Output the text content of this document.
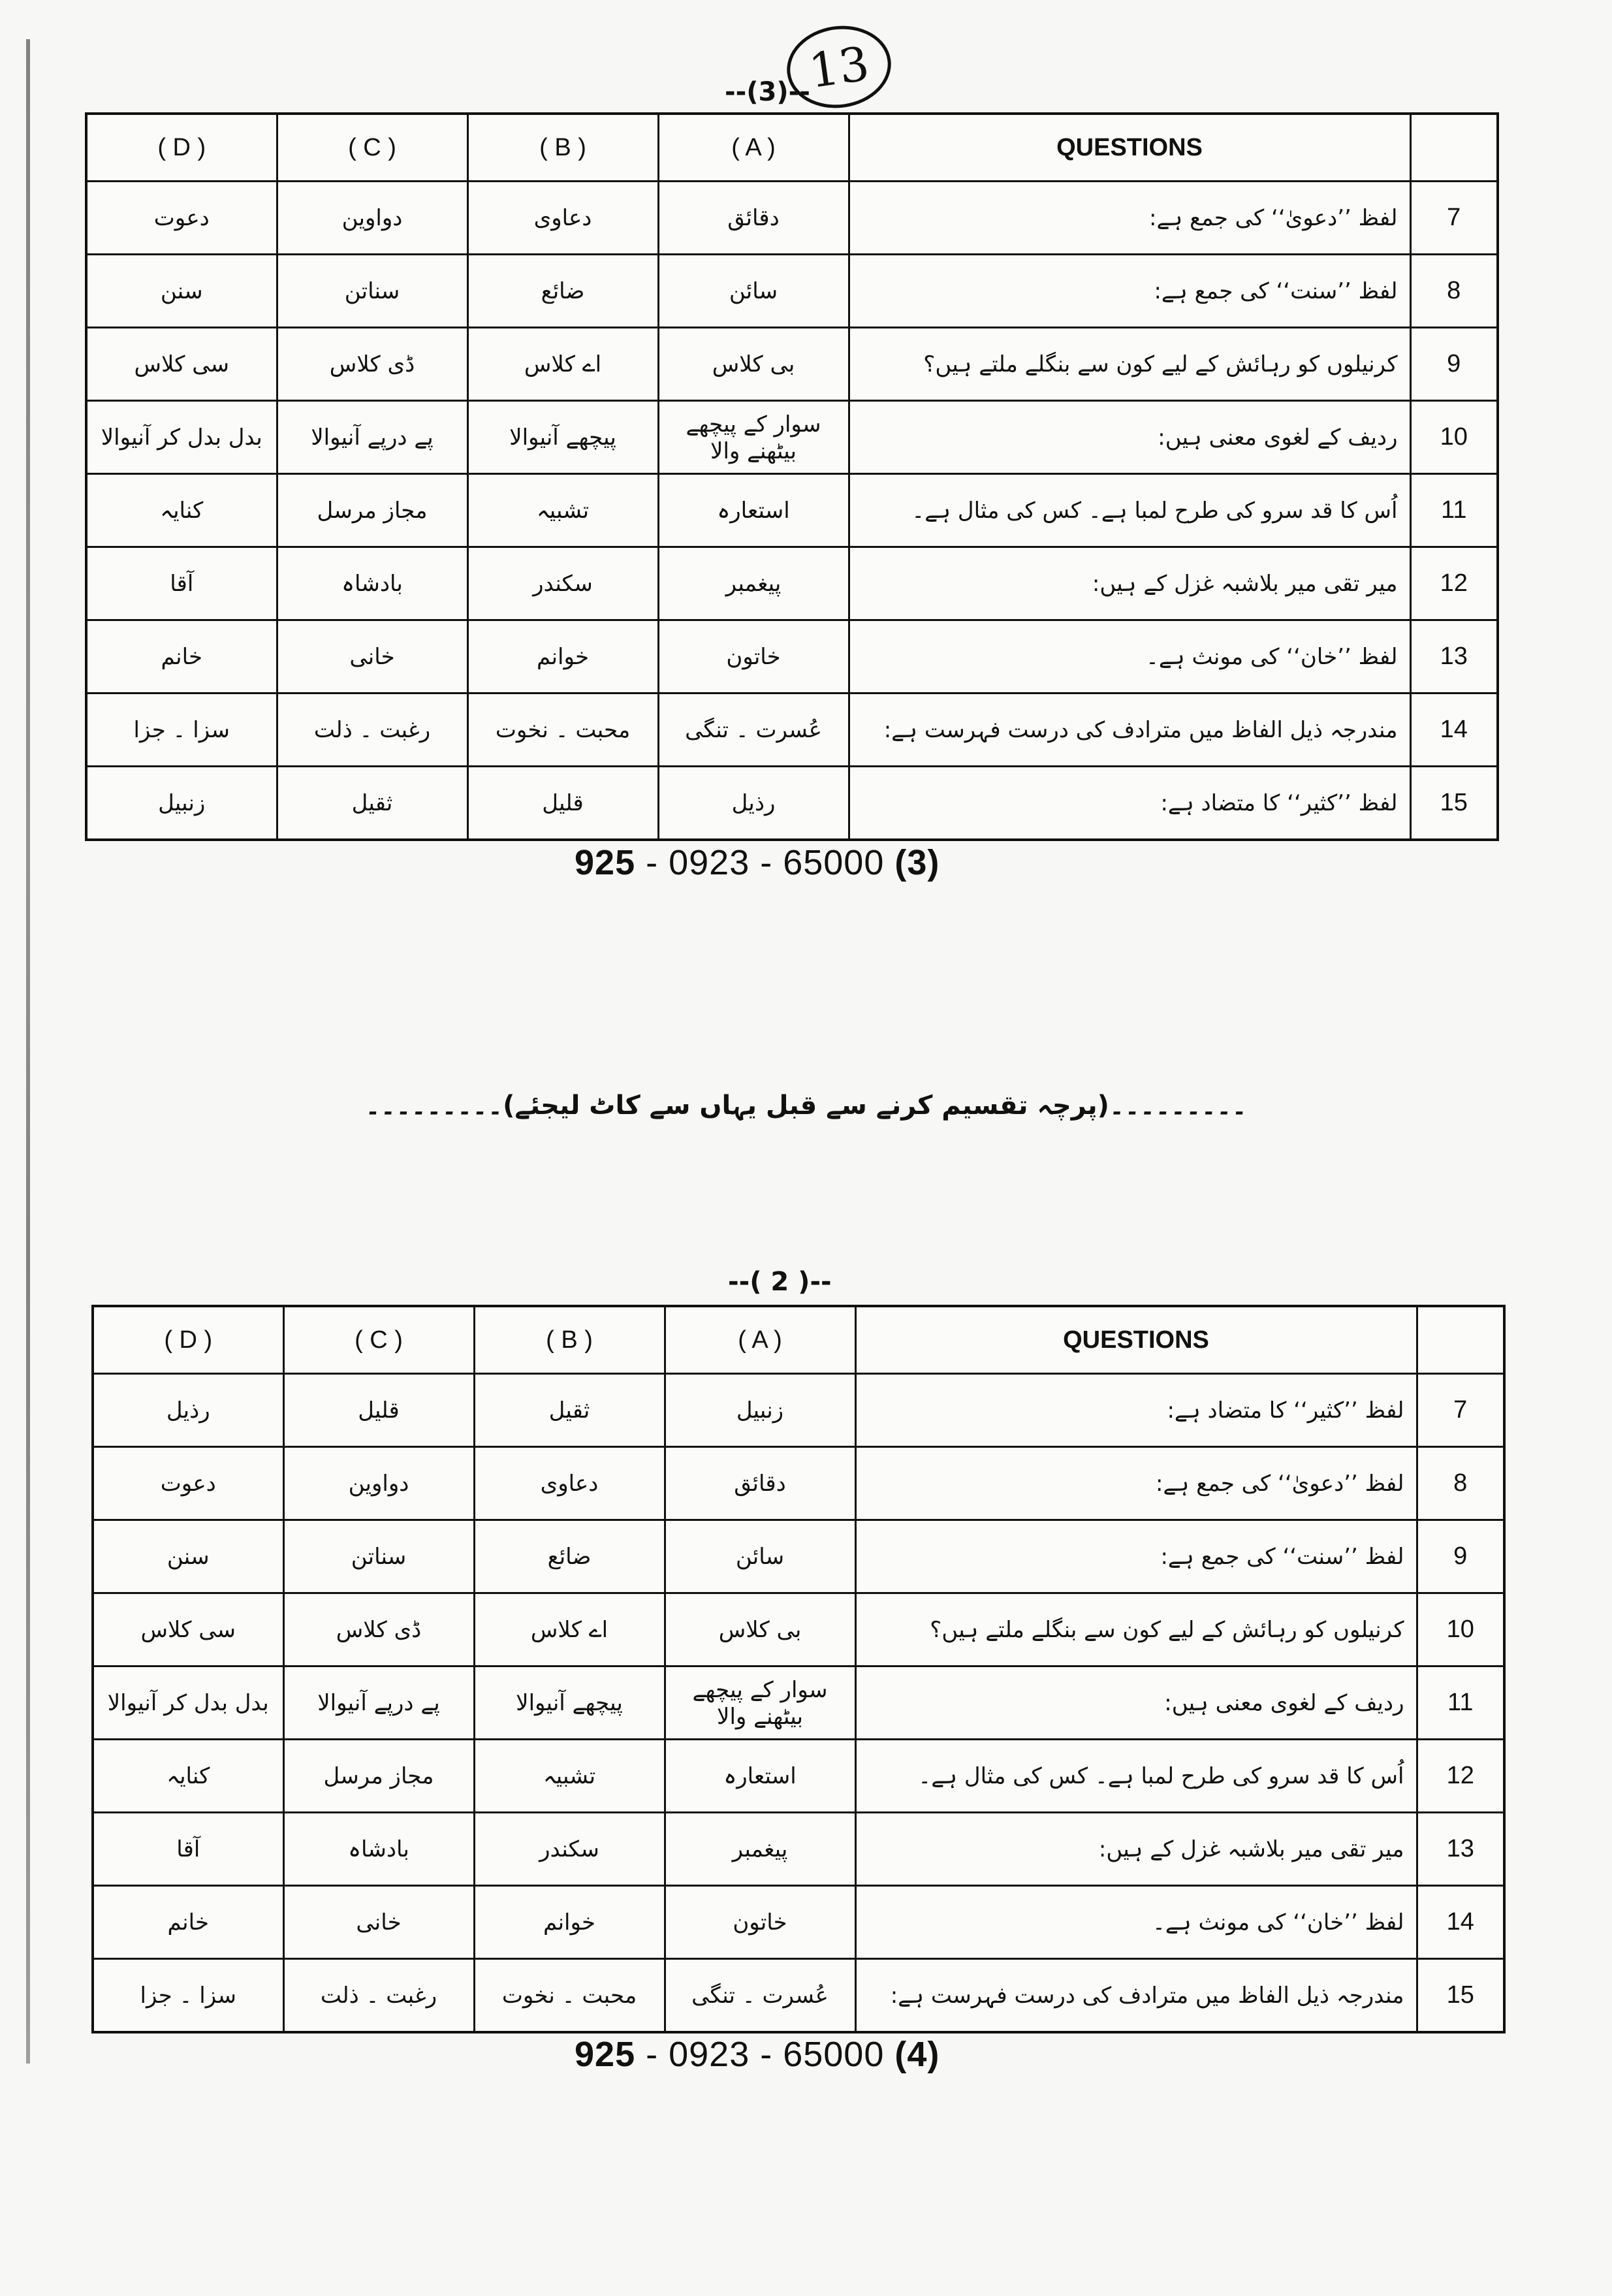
13
--(3)--
( D )	( C )	( B )	( A )	QUESTIONS	
دعوت	دواوین	دعاوی	دقائق	لفظ ’’دعویٰ‘‘ کی جمع ہے:	7
سنن	سناتن	ضائع	سائن	لفظ ’’سنت‘‘ کی جمع ہے:	8
سی کلاس	ڈی کلاس	اے کلاس	بی کلاس	کرنیلوں کو رہائش کے لیے کون سے بنگلے ملتے ہیں؟	9
بدل بدل کر آنیوالا	پے درپے آنیوالا	پیچھے آنیوالا	سوار کے پیچھے بیٹھنے والا	ردیف کے لغوی معنی ہیں:	10
کنایہ	مجاز مرسل	تشبیہ	استعارہ	اُس کا قد سرو کی طرح لمبا ہے۔ کس کی مثال ہے۔	11
آقا	بادشاہ	سکندر	پیغمبر	میر تقی میر بلاشبہ غزل کے ہیں:	12
خانم	خانی	خوانم	خاتون	لفظ ’’خان‘‘ کی مونث ہے۔	13
سزا ۔ جزا	رغبت ۔ ذلت	محبت ۔ نخوت	عُسرت ۔ تنگی	مندرجہ ذیل الفاظ میں مترادف کی درست فہرست ہے:	14
زنبیل	ثقیل	قلیل	رذیل	لفظ ’’کثیر‘‘ کا متضاد ہے:	15
925 - 0923 - 65000 (3)
۔۔۔۔۔۔۔۔۔(پرچہ تقسیم کرنے سے قبل یہاں سے کاٹ لیجئے)۔۔۔۔۔۔۔۔۔
--( 2 )--
( D )	( C )	( B )	( A )	QUESTIONS	
رذیل	قلیل	ثقیل	زنبیل	لفظ ’’کثیر‘‘ کا متضاد ہے:	7
دعوت	دواوین	دعاوی	دقائق	لفظ ’’دعویٰ‘‘ کی جمع ہے:	8
سنن	سناتن	ضائع	سائن	لفظ ’’سنت‘‘ کی جمع ہے:	9
سی کلاس	ڈی کلاس	اے کلاس	بی کلاس	کرنیلوں کو رہائش کے لیے کون سے بنگلے ملتے ہیں؟	10
بدل بدل کر آنیوالا	پے درپے آنیوالا	پیچھے آنیوالا	سوار کے پیچھے بیٹھنے والا	ردیف کے لغوی معنی ہیں:	11
کنایہ	مجاز مرسل	تشبیہ	استعارہ	اُس کا قد سرو کی طرح لمبا ہے۔ کس کی مثال ہے۔	12
آقا	بادشاہ	سکندر	پیغمبر	میر تقی میر بلاشبہ غزل کے ہیں:	13
خانم	خانی	خوانم	خاتون	لفظ ’’خان‘‘ کی مونث ہے۔	14
سزا ۔ جزا	رغبت ۔ ذلت	محبت ۔ نخوت	عُسرت ۔ تنگی	مندرجہ ذیل الفاظ میں مترادف کی درست فہرست ہے:	15
925 - 0923 - 65000 (4)
